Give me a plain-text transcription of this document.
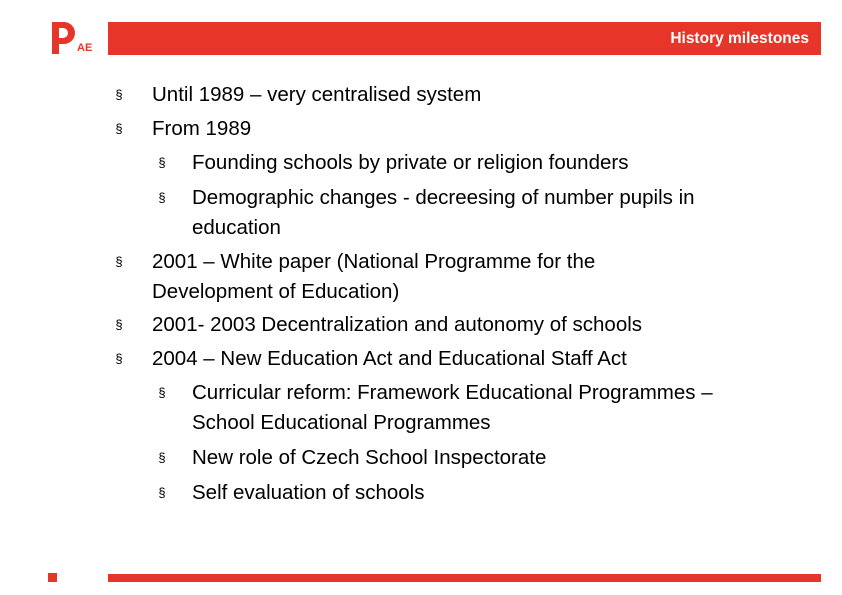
AE
History milestones
§ Until 1989 – very centralised system
§ From 1989
§ Founding schools by private or religion founders
§ Demographic changes - decreesing of number pupils in
education
§ 2001 – White paper (National Programme for the
Development of Education)
§ 2001- 2003 Decentralization and autonomy of schools
§ 2004 – New Education Act and Educational Staff Act
§ Curricular reform: Framework Educational Programmes –
School Educational Programmes
§ New role of Czech School Inspectorate
§ Self evaluation of schools
